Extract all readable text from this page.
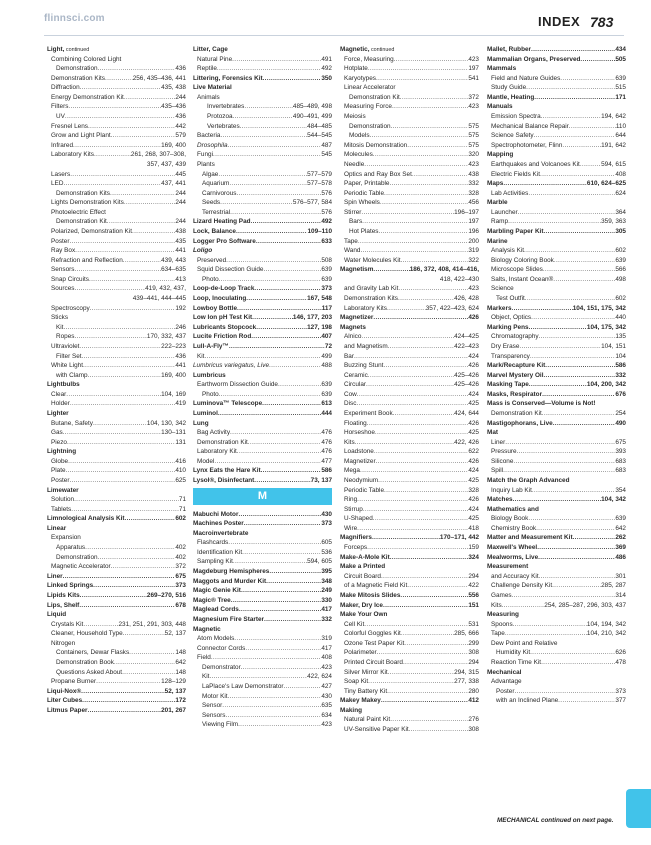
flinnsci.com	INDEX 783
Light, continued
Combining Colored Light
Demonstration .....	436
Demonstration Kits .....	256, 435–436, 441
Diffraction .....	435, 438
Energy Demonstration Kit .....	244
Filters .....	435–436
UV .....	436
Fresnel Lens .....	442
Grow and Light Plant .....	579
Infrared .....	169, 400
Laboratory Kits .....	261, 268, 307–308,
357, 437, 439
Lasers .....	445
LED .....	437, 441
Demonstration Kits .....	244
Lights Demonstration Kits .....	244
Photoelectric Effect
Demonstration Kit .....	244
Polarized, Demonstration Kit .....	438
Poster .....	435
Ray Box .....	441
Refraction and Reflection .....	439, 443
Sensors .....	634–635
Snap Circuits .....	413
Sources .....	419, 432, 437,
439–441, 444–445
Spectroscopy .....	192
Sticks
Kit .....	246
Ropes .....	170, 332, 437
Ultraviolet .....	222–223
Filter Set .....	436
White Light .....	441
with Clamp .....	169, 400
Lightbulbs
Clear .....	104, 169
Holder .....	419
Lighter
Butane, Safety .....	104, 130, 342
Gas .....	130–131
Piezo .....	131
Lightning
Globe .....	416
Plate .....	410
Poster .....	625
Limewater
Solution .....	71
Tablets .....	71
Limnological Analysis Kit .....	602
Linear
Expansion
Apparatus .....	402
Demonstration .....	402
Magnetic Accelerator .....	372
Liner .....	675
Linked Springs .....	373
Lipids Kits .....	269–270, 516
Lips, Shelf .....	678
Liquid
Crystals Kit .....	231, 251, 291, 303, 448
Cleaner, Household Type .....	52, 137
Nitrogen
Containers, Dewar Flasks .....	148
Demonstration Book .....	642
Questions Asked About .....	148
Propane Burner .....	128–129
Liqui-Nox® .....	52, 137
Liter Cubes .....	172
Litmus Paper .....	201, 267
Litter, Cage
Natural Pine .....	491
Reptile .....	492
Littering, Forensics Kit .....	350
Live Material
Animals
Invertebrates .....	485–489, 498
Protozoa .....	490–491, 499
Vertebrates .....	484–485
Bacteria .....	544–545
Drosophila .....	487
Fungi .....	545
Plants
Algae .....	577–579
Aquarium .....	577–578
Carnivorous .....	576
Seeds .....	576–577, 584
Terrestrial .....	576
Lizard Heating Pad .....	492
Lock, Balance .....	109–110
Logger Pro Software .....	633
Loligo
Preserved .....	508
Squid Dissection Guide .....	639
Photo .....	639
Loop-de-Loop Track .....	373
Loop, Inoculating .....	167, 548
Lowboy Bottle .....	117
Low Ion pH Test Kit .....	146, 177, 203
Lubricants Stopcock .....	127, 198
Lucite Friction Rod .....	407
Lull-A-Fly™ .....	72
Kit .....	499
Lumbricus variegatus, Live .....	488
Lumbricus
Earthworm Dissection Guide .....	639
Photo .....	639
Luminova™ Telescope .....	613
Luminol .....	444
Lung
Bag Activity .....	476
Demonstration Kit .....	476
Laboratory Kit .....	476
Model .....	477
Lynx Eats the Hare Kit .....	586
Lysol®, Disinfectant .....	73, 137
M
Mabuchi Motor .....	430
Machines Poster .....	373
Macroinvertebrate
Flashcards .....	605
Identification Kit .....	536
Sampling Kit .....	594, 605
Magdeburg Hemispheres .....	395
Maggots and Murder Kit .....	348
Magic Genie Kit .....	249
Magic® Tree .....	330
Maglead Cords .....	417
Magnesium Fire Starter .....	332
Magnetic
Atom Models .....	319
Connector Cords .....	417
Field .....	408
Demonstrator .....	423
Kit .....	422, 624
LaPlace's Law Demonstrator .....	427
Motor Kit .....	430
Sensor .....	635
Sensors .....	634
Viewing Film .....	423
Magnetic, continued
Force, Measuring .....	423
Hotplate .....	197
Karyotypes .....	541
Linear Accelerator
Demonstration Kit .....	372
Measuring Force .....	423
Meiosis
Demonstration .....	575
Models .....	575
Mitosis Demonstration .....	575
Molecules .....	320
Needle .....	423
Optics and Ray Box Set .....	438
Paper, Printable .....	332
Periodic Table .....	328
Spin Wheels .....	456
Stirrer .....	196–197
Bars .....	197
Hot Plates .....	196
Tape .....	200
Wand .....	319
Water Molecules Kit .....	322
Magnetism .....	186, 372, 408, 414–416,
418, 422–430
and Gravity Lab Kit .....	423
Demonstration Kits .....	426, 428
Laboratory Kits .....	357, 422–423, 624
Magnetizer .....	426
Magnets
Alnico .....	424–425
and Magnetism .....	422–423
Bar .....	424
Buzzing Stunt .....	426
Ceramic .....	425–426
Circular .....	425–426
Cow .....	424
Disc .....	425
Experiment Book .....	424, 644
Floating .....	426
Horseshoe .....	425
Kits .....	422, 426
Loadstone .....	622
Magnetizer .....	426
Mega .....	424
Neodymium .....	425
Periodic Table .....	328
Ring .....	426
Stirrup .....	424
U-Shaped .....	425
Wire .....	418
Magnifiers .....	170–171, 442
Forceps .....	159
Make-A-Mole Kit .....	324
Make a Printed
Circuit Board .....	294
of a Magnetic Field Kit .....	422
Make Mitosis Slides .....	556
Maker, Dry Ice .....	151
Make Your Own
Cell Kit .....	531
Colorful Goggles Kit .....	285, 666
Ozone Test Paper Kit .....	299
Polarimeter .....	308
Printed Circuit Board .....	294
Silver Mirror Kit .....	294, 315
Soap Kit .....	277, 338
Tiny Battery Kit .....	280
Makey Makey .....	412
Making
Natural Paint Kit .....	276
UV-Sensitive Paper Kit .....	308
Mallet, Rubber .....	434
Mammalian Organs, Preserved .....	505
Mammals
Field and Nature Guides .....	639
Study Guide .....	515
Mantle, Heating .....	171
Manuals
Emission Spectra .....	194, 642
Mechanical Balance Repair .....	110
Science Safety .....	644
Spectrophotometer, Flinn .....	191, 642
Mapping
Earthquakes and Volcanoes Kit .....	594, 615
Electric Fields Kit .....	408
Maps .....	610, 624–625
Lab Activities .....	624
Marble
Launcher .....	364
Ramp .....	359, 363
Marbling Paper Kit .....	305
Marine
Analysis Kit .....	602
Biology Coloring Book .....	639
Microscope Slides .....	566
Salts, Instant Ocean® .....	498
Science
Test Outfit .....	602
Markers .....	104, 151, 175, 342
Object, Optics .....	440
Marking Pens .....	104, 175, 342
Chromatography .....	135
Dry Erase .....	104, 151
Transparency .....	104
Mark/Recapture Kit .....	586
Marvel Mystery Oil .....	332
Masking Tape .....	104, 200, 342
Masks, Respirator .....	676
Mass is Conserved—Volume is Not!
Demonstration Kit .....	254
Mastigophorans, Live .....	490
Mat
Liner .....	675
Pressure .....	393
Silicone .....	683
Spill .....	683
Match the Graph Advanced
Inquiry Lab Kit .....	354
Matches .....	104, 342
Mathematics and
Biology Book .....	639
Chemistry Book .....	642
Matter and Measurement Kit .....	262
Maxwell's Wheel .....	369
Mealworms, Live .....	486
Measurement
and Accuracy Kit .....	301
Challenge Density Kit .....	285, 287
Games .....	314
Kits .....	254, 285–287, 296, 303, 437
Measuring
Spoons .....	104, 194, 342
Tape .....	104, 210, 342
Dew Point and Relative
Humidity Kit .....	626
Reaction Time Kit .....	478
Mechanical
Advantage
Poster .....	373
with an Inclined Plane .....	377
MECHANICAL continued on next page.
